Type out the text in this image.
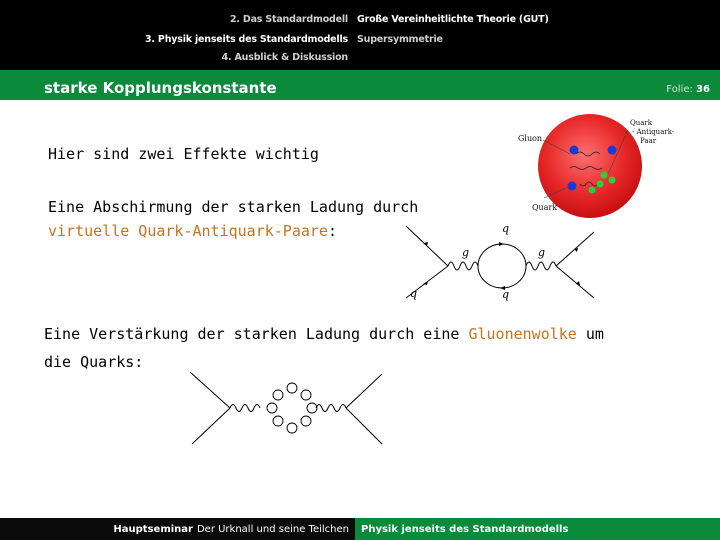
2. Das Standardmodell
3. Physik jenseits des Standardmodells
4. Ausblick & Diskussion
Große Vereinheitlichte Theorie (GUT)
Supersymmetrie
starke Kopplungskonstante	Folie: 36
Hier sind zwei Effekte wichtig
Eine Abschirmung der starken Ladung durch
virtuelle Quark-Antiquark-Paare:
Eine Verstärkung der starken Ladung durch eine Gluonenwolke um
die Quarks:
Gluon
Quark
- Antiquark-
Paar
Quark
q
g	g
q	q
Hauptseminar Der Urknall und seine Teilchen Physik jenseits des Standardmodells
